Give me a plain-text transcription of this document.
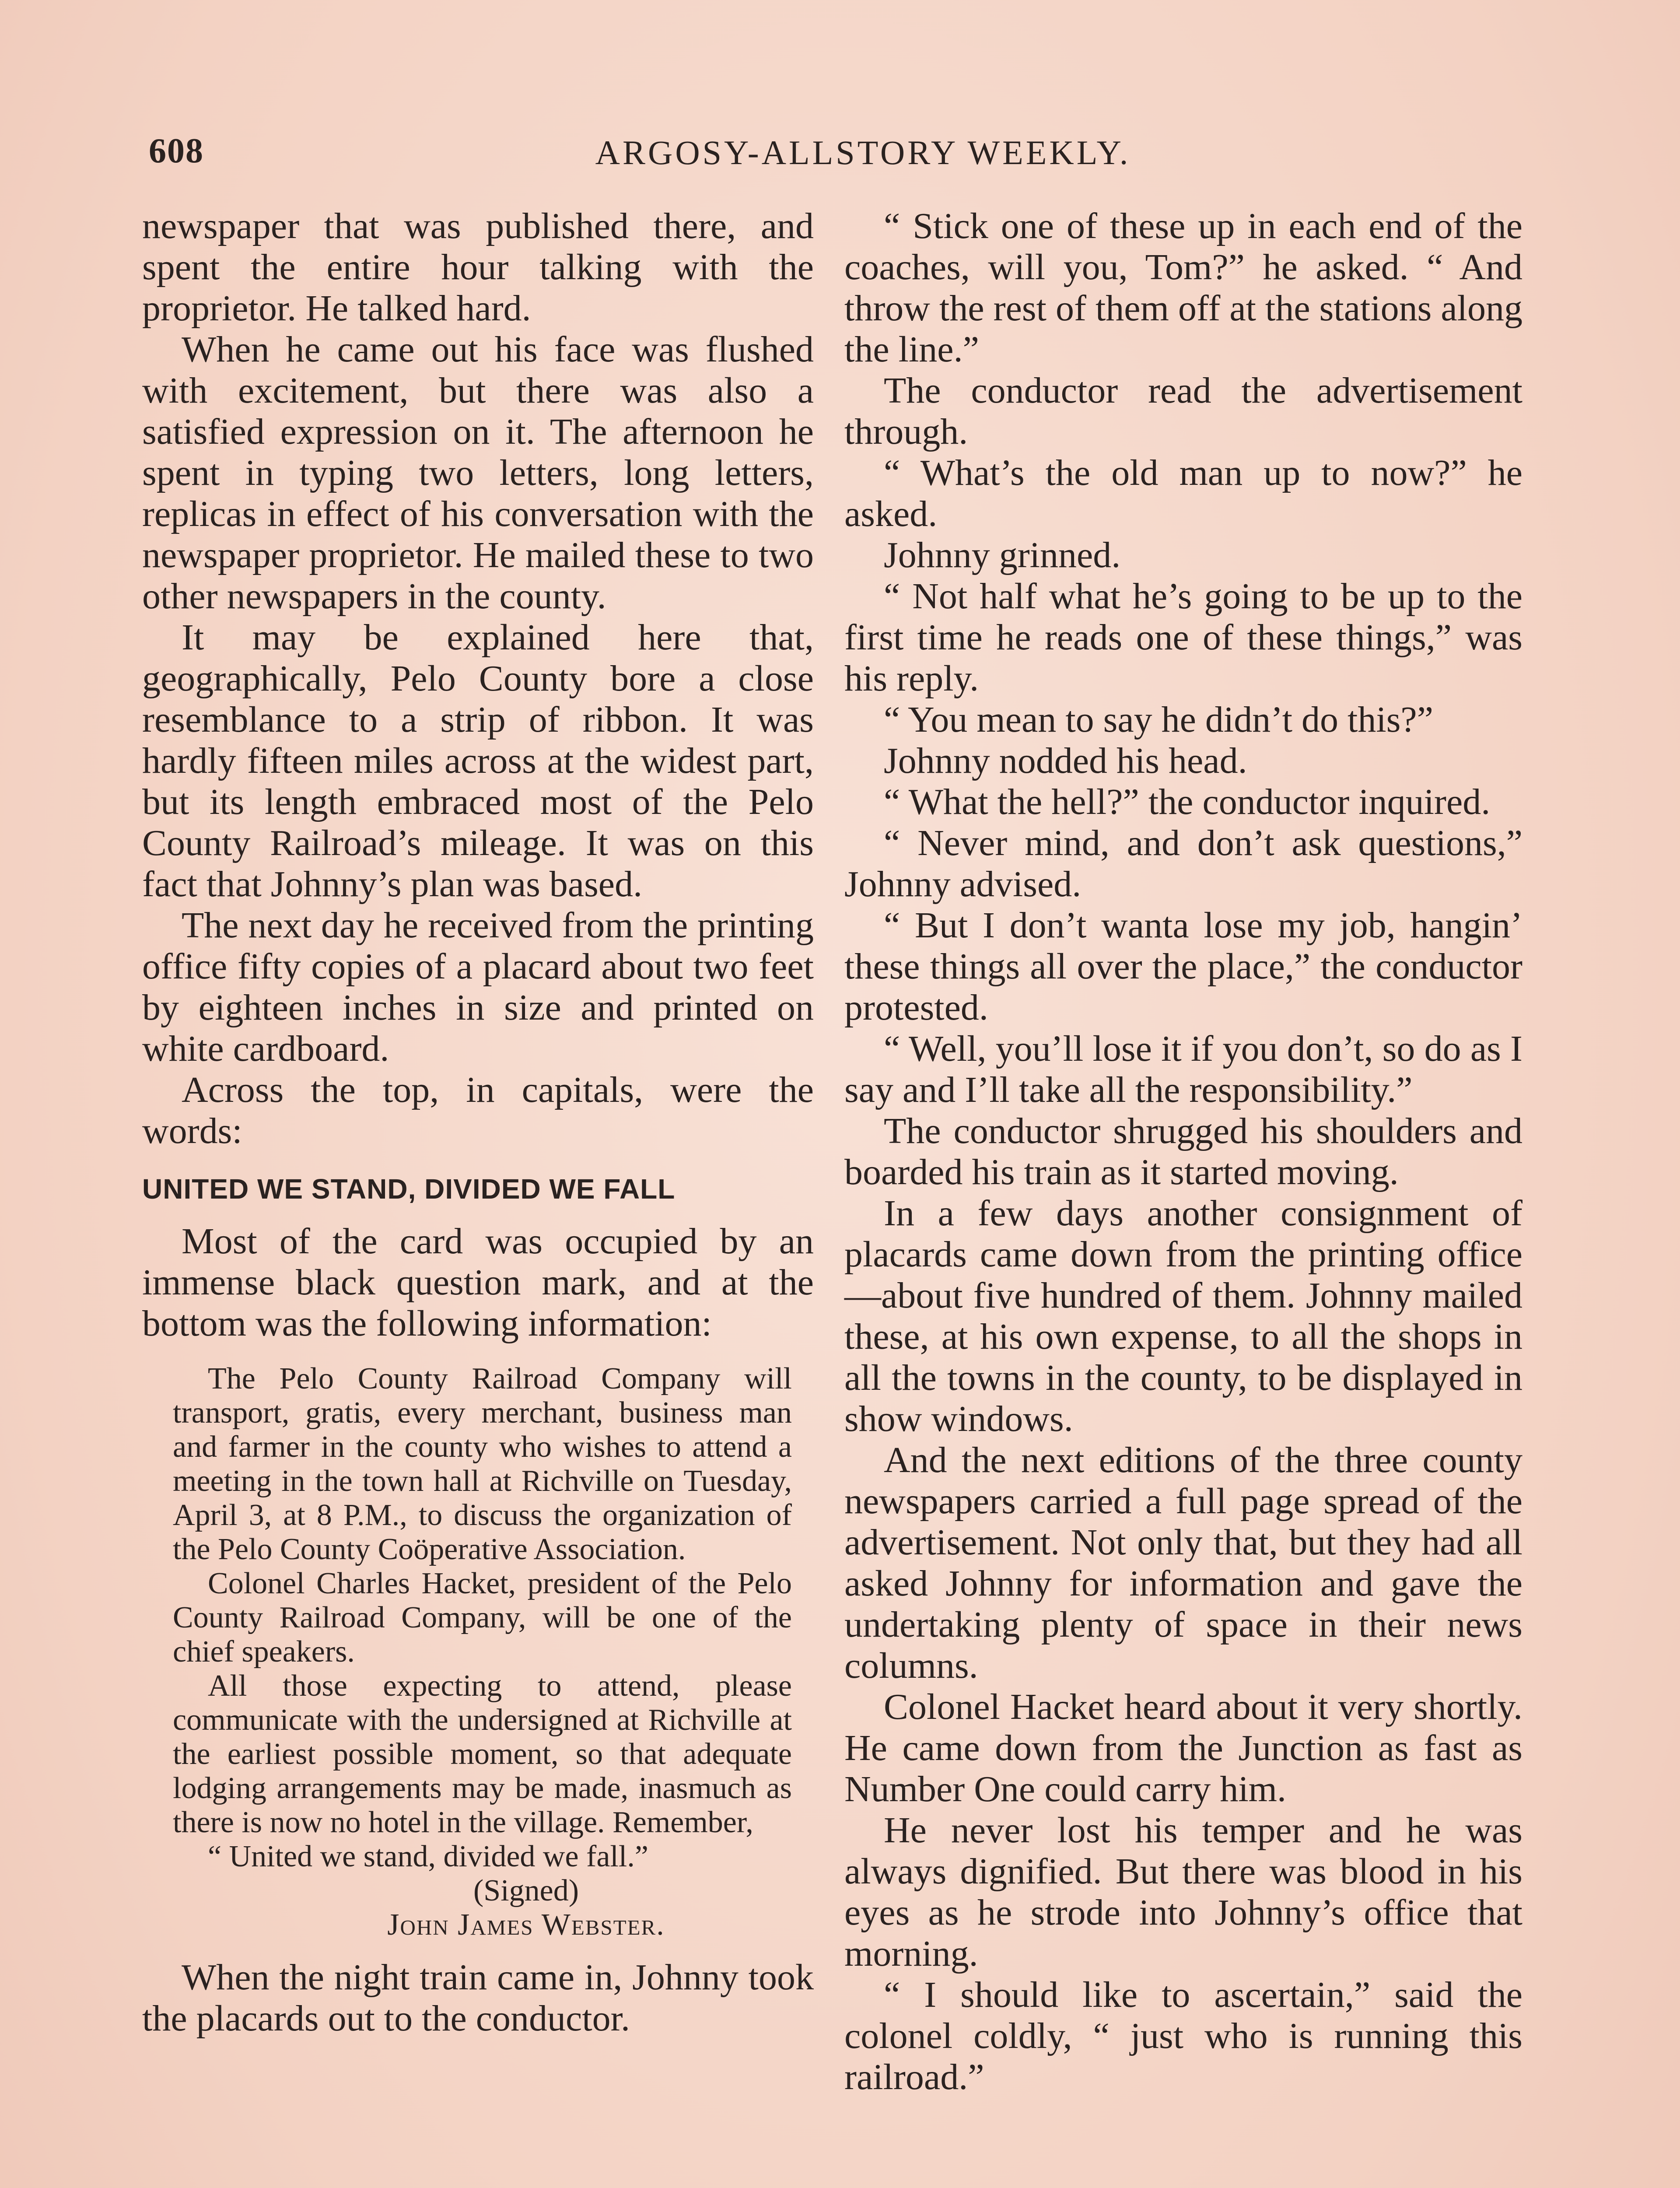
608	ARGOSY-ALLSTORY WEEKLY.

newspaper that was published there, and spent the entire hour talking with the proprietor. He talked hard.

When he came out his face was flushed with excitement, but there was also a satisfied expression on it. The afternoon he spent in typing two letters, long letters, replicas in effect of his conversation with the newspaper proprietor. He mailed these to two other newspapers in the county.

It may be explained here that, geographically, Pelo County bore a close resemblance to a strip of ribbon. It was hardly fifteen miles across at the widest part, but its length embraced most of the Pelo County Railroad’s mileage. It was on this fact that Johnny’s plan was based.

The next day he received from the printing office fifty copies of a placard about two feet by eighteen inches in size and printed on white cardboard.

Across the top, in capitals, were the words:

UNITED WE STAND, DIVIDED WE FALL

Most of the card was occupied by an immense black question mark, and at the bottom was the following information:

The Pelo County Railroad Company will transport, gratis, every merchant, business man and farmer in the county who wishes to attend a meeting in the town hall at Richville on Tuesday, April 3, at 8 P.M., to discuss the organization of the Pelo County Coöperative Association.

Colonel Charles Hacket, president of the Pelo County Railroad Company, will be one of the chief speakers.

All those expecting to attend, please communicate with the undersigned at Richville at the earliest possible moment, so that adequate lodging arrangements may be made, inasmuch as there is now no hotel in the village. Remember,

“ United we stand, divided we fall.”

(Signed)

John James Webster.

When the night train came in, Johnny took the placards out to the conductor.

“ Stick one of these up in each end of the coaches, will you, Tom?” he asked. “ And throw the rest of them off at the stations along the line.”

The conductor read the advertisement through.

“ What’s the old man up to now?” he asked.

Johnny grinned.

“ Not half what he’s going to be up to the first time he reads one of these things,” was his reply.

“ You mean to say he didn’t do this?”

Johnny nodded his head.

“ What the hell?” the conductor inquired.

“ Never mind, and don’t ask questions,” Johnny advised.

“ But I don’t wanta lose my job, hangin’ these things all over the place,” the conductor protested.

“ Well, you’ll lose it if you don’t, so do as I say and I’ll take all the responsibility.”

The conductor shrugged his shoulders and boarded his train as it started moving.

In a few days another consignment of placards came down from the printing office—about five hundred of them. Johnny mailed these, at his own expense, to all the shops in all the towns in the county, to be displayed in show windows.

And the next editions of the three county newspapers carried a full page spread of the advertisement. Not only that, but they had all asked Johnny for information and gave the undertaking plenty of space in their news columns.

Colonel Hacket heard about it very shortly. He came down from the Junction as fast as Number One could carry him.

He never lost his temper and he was always dignified. But there was blood in his eyes as he strode into Johnny’s office that morning.

“ I should like to ascertain,” said the colonel coldly, “ just who is running this railroad.”
